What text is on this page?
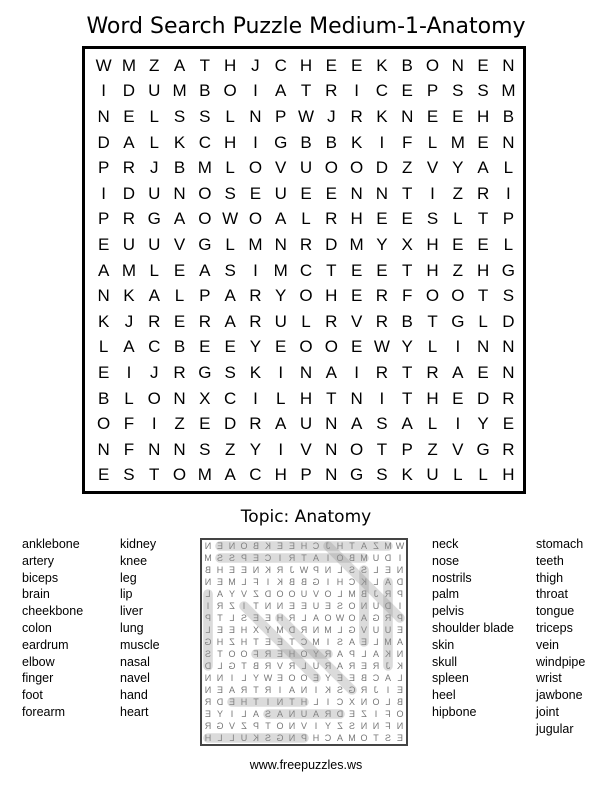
Word Search Puzzle Medium-1-Anatomy
W M Z A T H J C H E E K B O N E N
I D U M B O I	A T R I C E P S S M
N E L S S L N P W J R K N E E H B
D A L K C H I G B B K	I	F L M E N
P R J B M L O V U O O D Z V Y A L
I D U N O S E U E E N N T	I	Z R I
P R G A O W O A L R H E E S L T P
E U U V G L M N R D M Y X H E E L
A M L E A S	I M C T E E T H Z H G
N K A L P A R Y O H E R F O O T S
K J R E R A R U L R V R B T G L D
L A C B E E Y E O O E W Y L	I N N
E	I	J R G S K	I N A	I R T R A E N
B L O N X C I	L H T N I	T H E D R
O F	I	Z E D R A U N A S A L	I	Y E
N F N N S Z Y	I	V N O T P Z V G R
E S T O M A C H P N G S K U L L H
Topic: Anatomy
anklebone
artery
biceps
brain
cheekbone
colon
eardrum
elbow
finger
foot
forearm
kidney
knee
leg
lip
liver
lung
muscle
nasal
navel
hand
heart
neck
nose
nostrils
palm
pelvis
shoulder blade
skin
skull
spleen
heel
hipbone
stomach
teeth
thigh
throat
tongue
triceps
vein
windpipe
wrist
jawbone
joint
jugular
W
M
Z
A
T
H
J
C
H
E
E
K
B
O
N
E
N
I
D
U
M
B
O
I
A
T
R
I
C
E
P
S
S
M
N
E
L
S
S
L
N
P
W
J
R
K
N
E
E
H
B
D
A
L
K
C
H
I
G
B
B
K
I
F
L
M
E
N
P
R
J
B
M
L
O
V
U
O
O
D
Z
V
Y
A
L
I
D
U
N
O
S
E
U
E
E
N
N
T
I
Z
R
I
P
R
G
A
O
W
O
A
L
R
H
E
E
S
L
T
P
E
U
U
V
G
L
M
N
R
D
M
Y
X
H
E
E
L
A
M
L
E
A
S
I
M
C
T
E
E
T
H
Z
H
G
N
K
A
L
P
A
R
Y
O
H
E
R
F
O
O
T
S
K
J
R
E
R
A
R
U
L
R
V
R
B
T
G
L
D
L
A
C
B
E
E
Y
E
O
O
E
W
Y
L
I
N
N
E
I
J
R
G
S
K
I
N
A
I
R
T
R
A
E
N
B
L
O
N
X
C
I
L
H
T
N
I
T
H
E
D
R
O
F
I
Z
E
D
R
A
U
N
A
S
A
L
I
Y
E
N
F
N
N
S
Z
Y
I
V
N
O
T
P
Z
V
G
R
E
S
T
O
M
A
C
H
P
N
G
S
K
U
L
L
H
www.freepuzzles.ws
